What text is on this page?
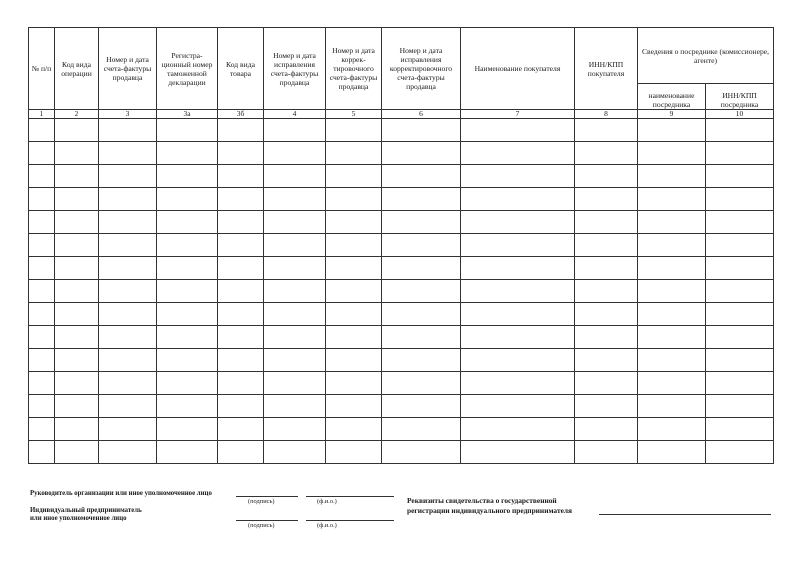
№ п/п	Код вида операции	Номер и дата счета-фактуры продавца	Регистра-ционный номер таможенной декларации	Код вида товара	Номер и дата исправления счета-фактуры продавца	Номер и дата коррек-тировочного счета-фактуры продавца	Номер и дата исправления корректировочного счета-фактуры продавца	Наименование покупателя	ИНН/КПП покупателя	Сведения о посреднике (комиссионере, агенте)	
										наименование посредника	ИНН/КПП посредника
1	2	3	3а	3б	4	5	6	7	8	9	10

Руководитель организации или иное уполномоченное лицо
(подпись)	(ф.и.о.)
Индивидуальный предприниматель
или иное уполномоченное лицо
(подпись)	(ф.и.о.)
Реквизиты свидетельства о государственной
регистрации индивидуального предпринимателя
